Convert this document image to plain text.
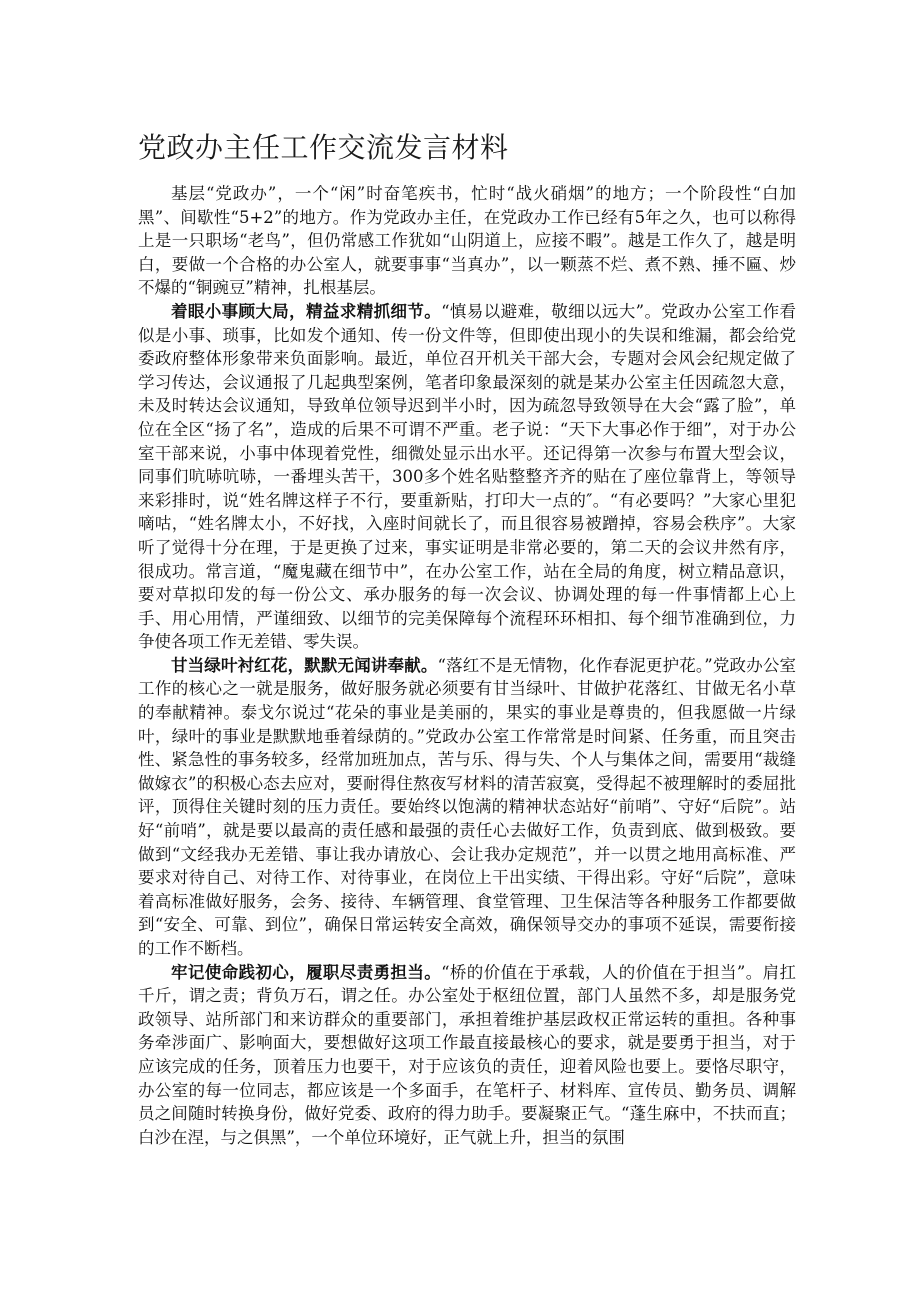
党政办主任工作交流发言材料

基层“党政办”，一个“闲”时奋笔疾书，忙时“战火硝烟”的地方；一个阶段性“白加黑”、间歇性“5+2”的地方。作为党政办主任，在党政办工作已经有5年之久，也可以称得上是一只职场“老鸟”，但仍常感工作犹如“山阴道上，应接不暇”。越是工作久了，越是明白，要做一个合格的办公室人，就要事事“当真办”，以一颗蒸不烂、煮不熟、捶不匾、炒不爆的“铜豌豆”精神，扎根基层。

着眼小事顾大局，精益求精抓细节。“慎易以避难，敬细以远大”。党政办公室工作看似是小事、琐事，比如发个通知、传一份文件等，但即使出现小的失误和维漏，都会给党委政府整体形象带来负面影响。最近，单位召开机关干部大会，专题对会风会纪规定做了学习传达，会议通报了几起典型案例，笔者印象最深刻的就是某办公室主任因疏忽大意，未及时转达会议通知，导致单位领导迟到半小时，因为疏忽导致领导在大会“露了脸”，单位在全区“扬了名”，造成的后果不可谓不严重。老子说：“天下大事必作于细”，对于办公室干部来说，小事中体现着党性，细微处显示出水平。还记得第一次参与布置大型会议，同事们吭哧吭哧，一番埋头苦干，300多个姓名贴整整齐齐的贴在了座位靠背上，等领导来彩排时，说“姓名牌这样子不行，要重新贴，打印大一点的″。“有必要吗？”大家心里犯嘀咕，“姓名牌太小，不好找，入座时间就长了，而且很容易被蹭掉，容易会秩序”。大家听了觉得十分在理，于是更换了过来，事实证明是非常必要的，第二天的会议井然有序，很成功。常言道，“魔鬼藏在细节中”，在办公室工作，站在全局的角度，树立精品意识，要对草拟印发的每一份公文、承办服务的每一次会议、协调处理的每一件事情都上心上手、用心用情，严谨细致、以细节的完美保障每个流程环环相扣、每个细节准确到位，力争使各项工作无差错、零失误。

甘当绿叶衬红花，默默无闻讲奉献。“落红不是无情物，化作春泥更护花。”党政办公室工作的核心之一就是服务，做好服务就必须要有甘当绿叶、甘做护花落红、甘做无名小草的奉献精神。泰戈尔说过“花朵的事业是美丽的，果实的事业是尊贵的，但我愿做一片绿叶，绿叶的事业是默默地垂着绿荫的。”党政办公室工作常常是时间紧、任务重，而且突击性、紧急性的事务较多，经常加班加点，苦与乐、得与失、个人与集体之间，需要用“裁缝做嫁衣”的积极心态去应对，要耐得住熬夜写材料的清苦寂寞，受得起不被理解时的委屈批评，顶得住关键时刻的压力责任。要始终以饱满的精神状态站好“前哨”、守好“后院”。站好“前哨”，就是要以最高的责任感和最强的责任心去做好工作，负责到底、做到极致。要做到“文经我办无差错、事让我办请放心、会让我办定规范”，并一以贯之地用高标准、严要求对待自己、对待工作、对待事业，在岗位上干出实绩、干得出彩。守好“后院”，意味着高标准做好服务，会务、接待、车辆管理、食堂管理、卫生保洁等各种服务工作都要做到“安全、可靠、到位”，确保日常运转安全高效，确保领导交办的事项不延误，需要衔接的工作不断档。

牢记使命践初心，履职尽责勇担当。“桥的价值在于承载，人的价值在于担当”。肩扛千斤，谓之责；背负万石，谓之任。办公室处于枢纽位置，部门人虽然不多，却是服务党政领导、站所部门和来访群众的重要部门，承担着维护基层政权正常运转的重担。各种事务牵涉面广、影响面大，要想做好这项工作最直接最核心的要求，就是要勇于担当，对于应该完成的任务，顶着压力也要干，对于应该负的责任，迎着风险也要上。要恪尽职守，办公室的每一位同志，都应该是一个多面手，在笔杆子、材料库、宣传员、勤务员、调解员之间随时转换身份，做好党委、政府的得力助手。要凝聚正气。“蓬生麻中，不扶而直；白沙在涅，与之俱黑”，一个单位环境好，正气就上升，担当的氛围
